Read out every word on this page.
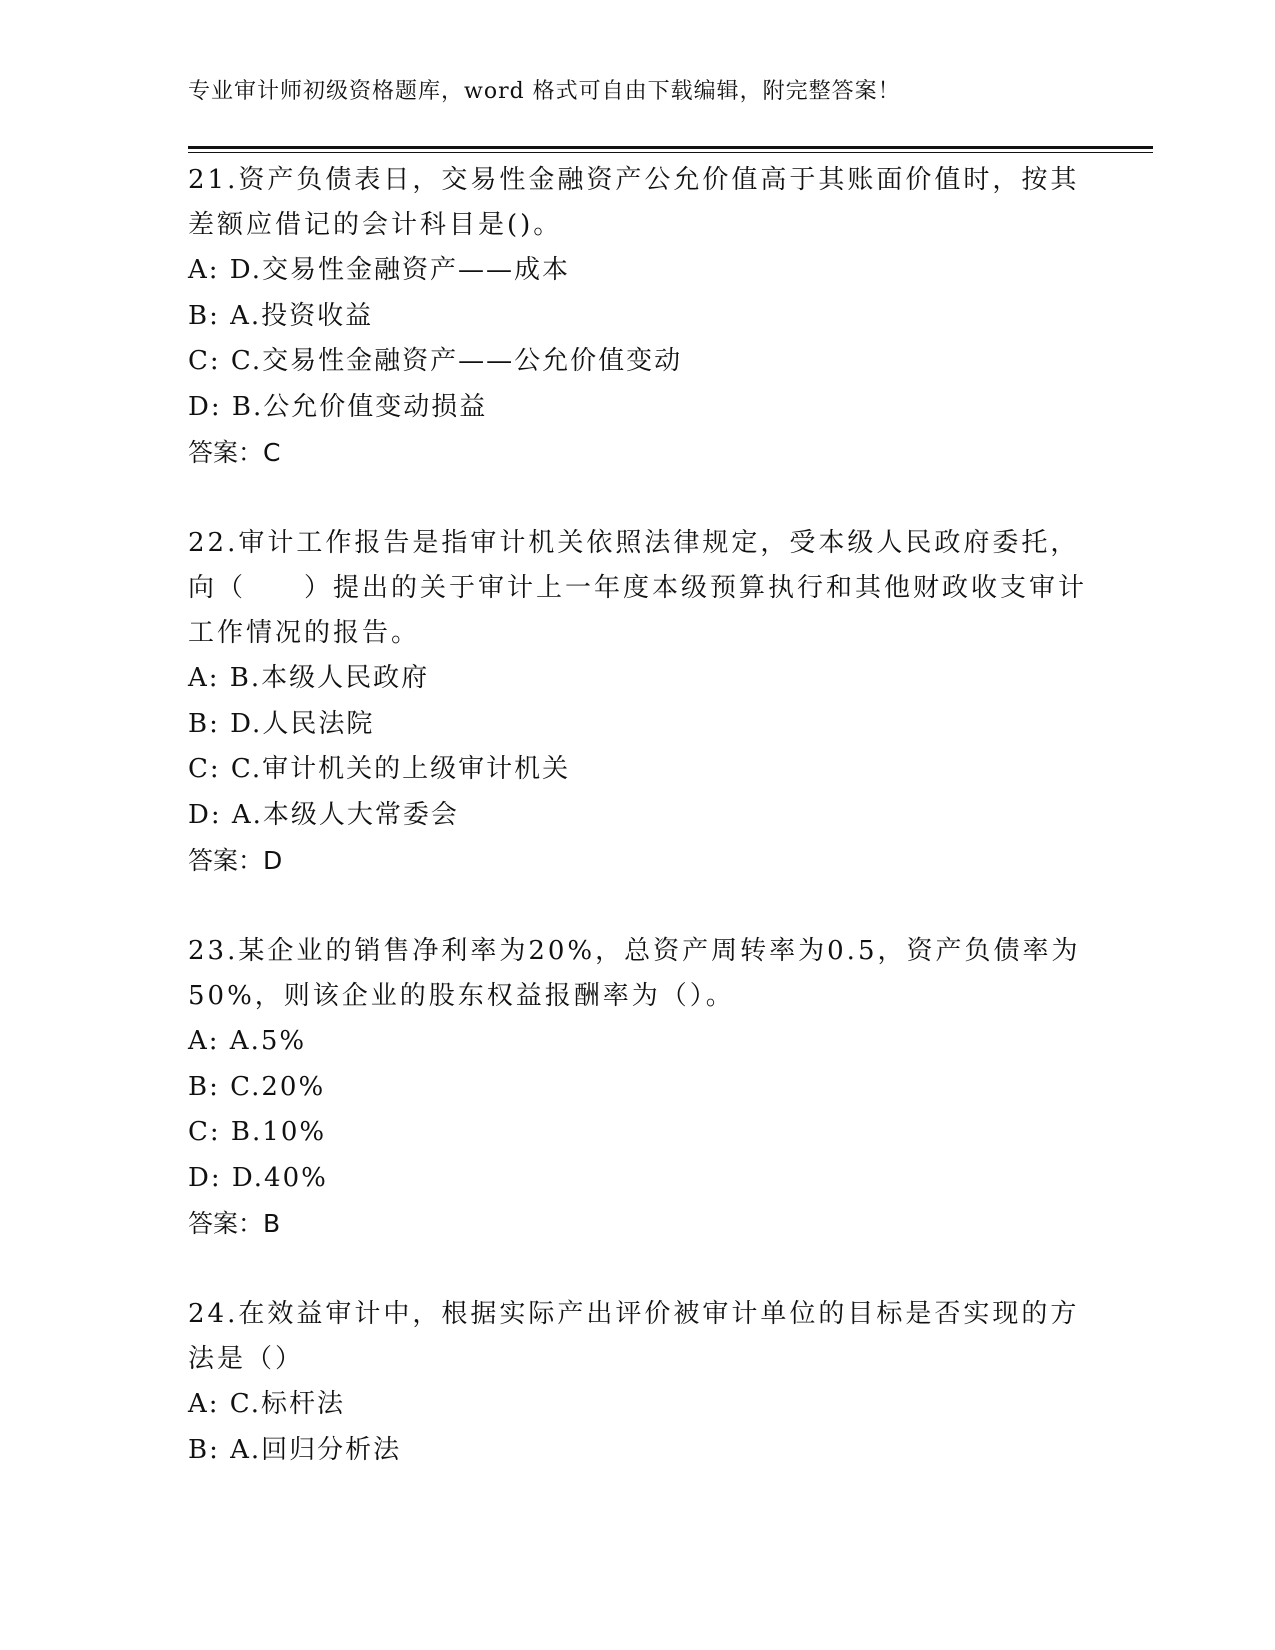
专业审计师初级资格题库，word 格式可自由下载编辑，附完整答案！

21.资产负债表日，交易性金融资产公允价值高于其账面价值时，按其差额应借记的会计科目是()。

A: D.交易性金融资产——成本

B: A.投资收益

C: C.交易性金融资产——公允价值变动

D: B.公允价值变动损益

答案：C

22.审计工作报告是指审计机关依照法律规定，受本级人民政府委托，向（　　）提出的关于审计上一年度本级预算执行和其他财政收支审计工作情况的报告。

A: B.本级人民政府

B: D.人民法院

C: C.审计机关的上级审计机关

D: A.本级人大常委会

答案：D

23.某企业的销售净利率为20%，总资产周转率为0.5，资产负债率为50%，则该企业的股东权益报酬率为（）。

A: A.5%

B: C.20%

C: B.10%

D: D.40%

答案：B

24.在效益审计中，根据实际产出评价被审计单位的目标是否实现的方法是（）

A: C.标杆法

B: A.回归分析法
